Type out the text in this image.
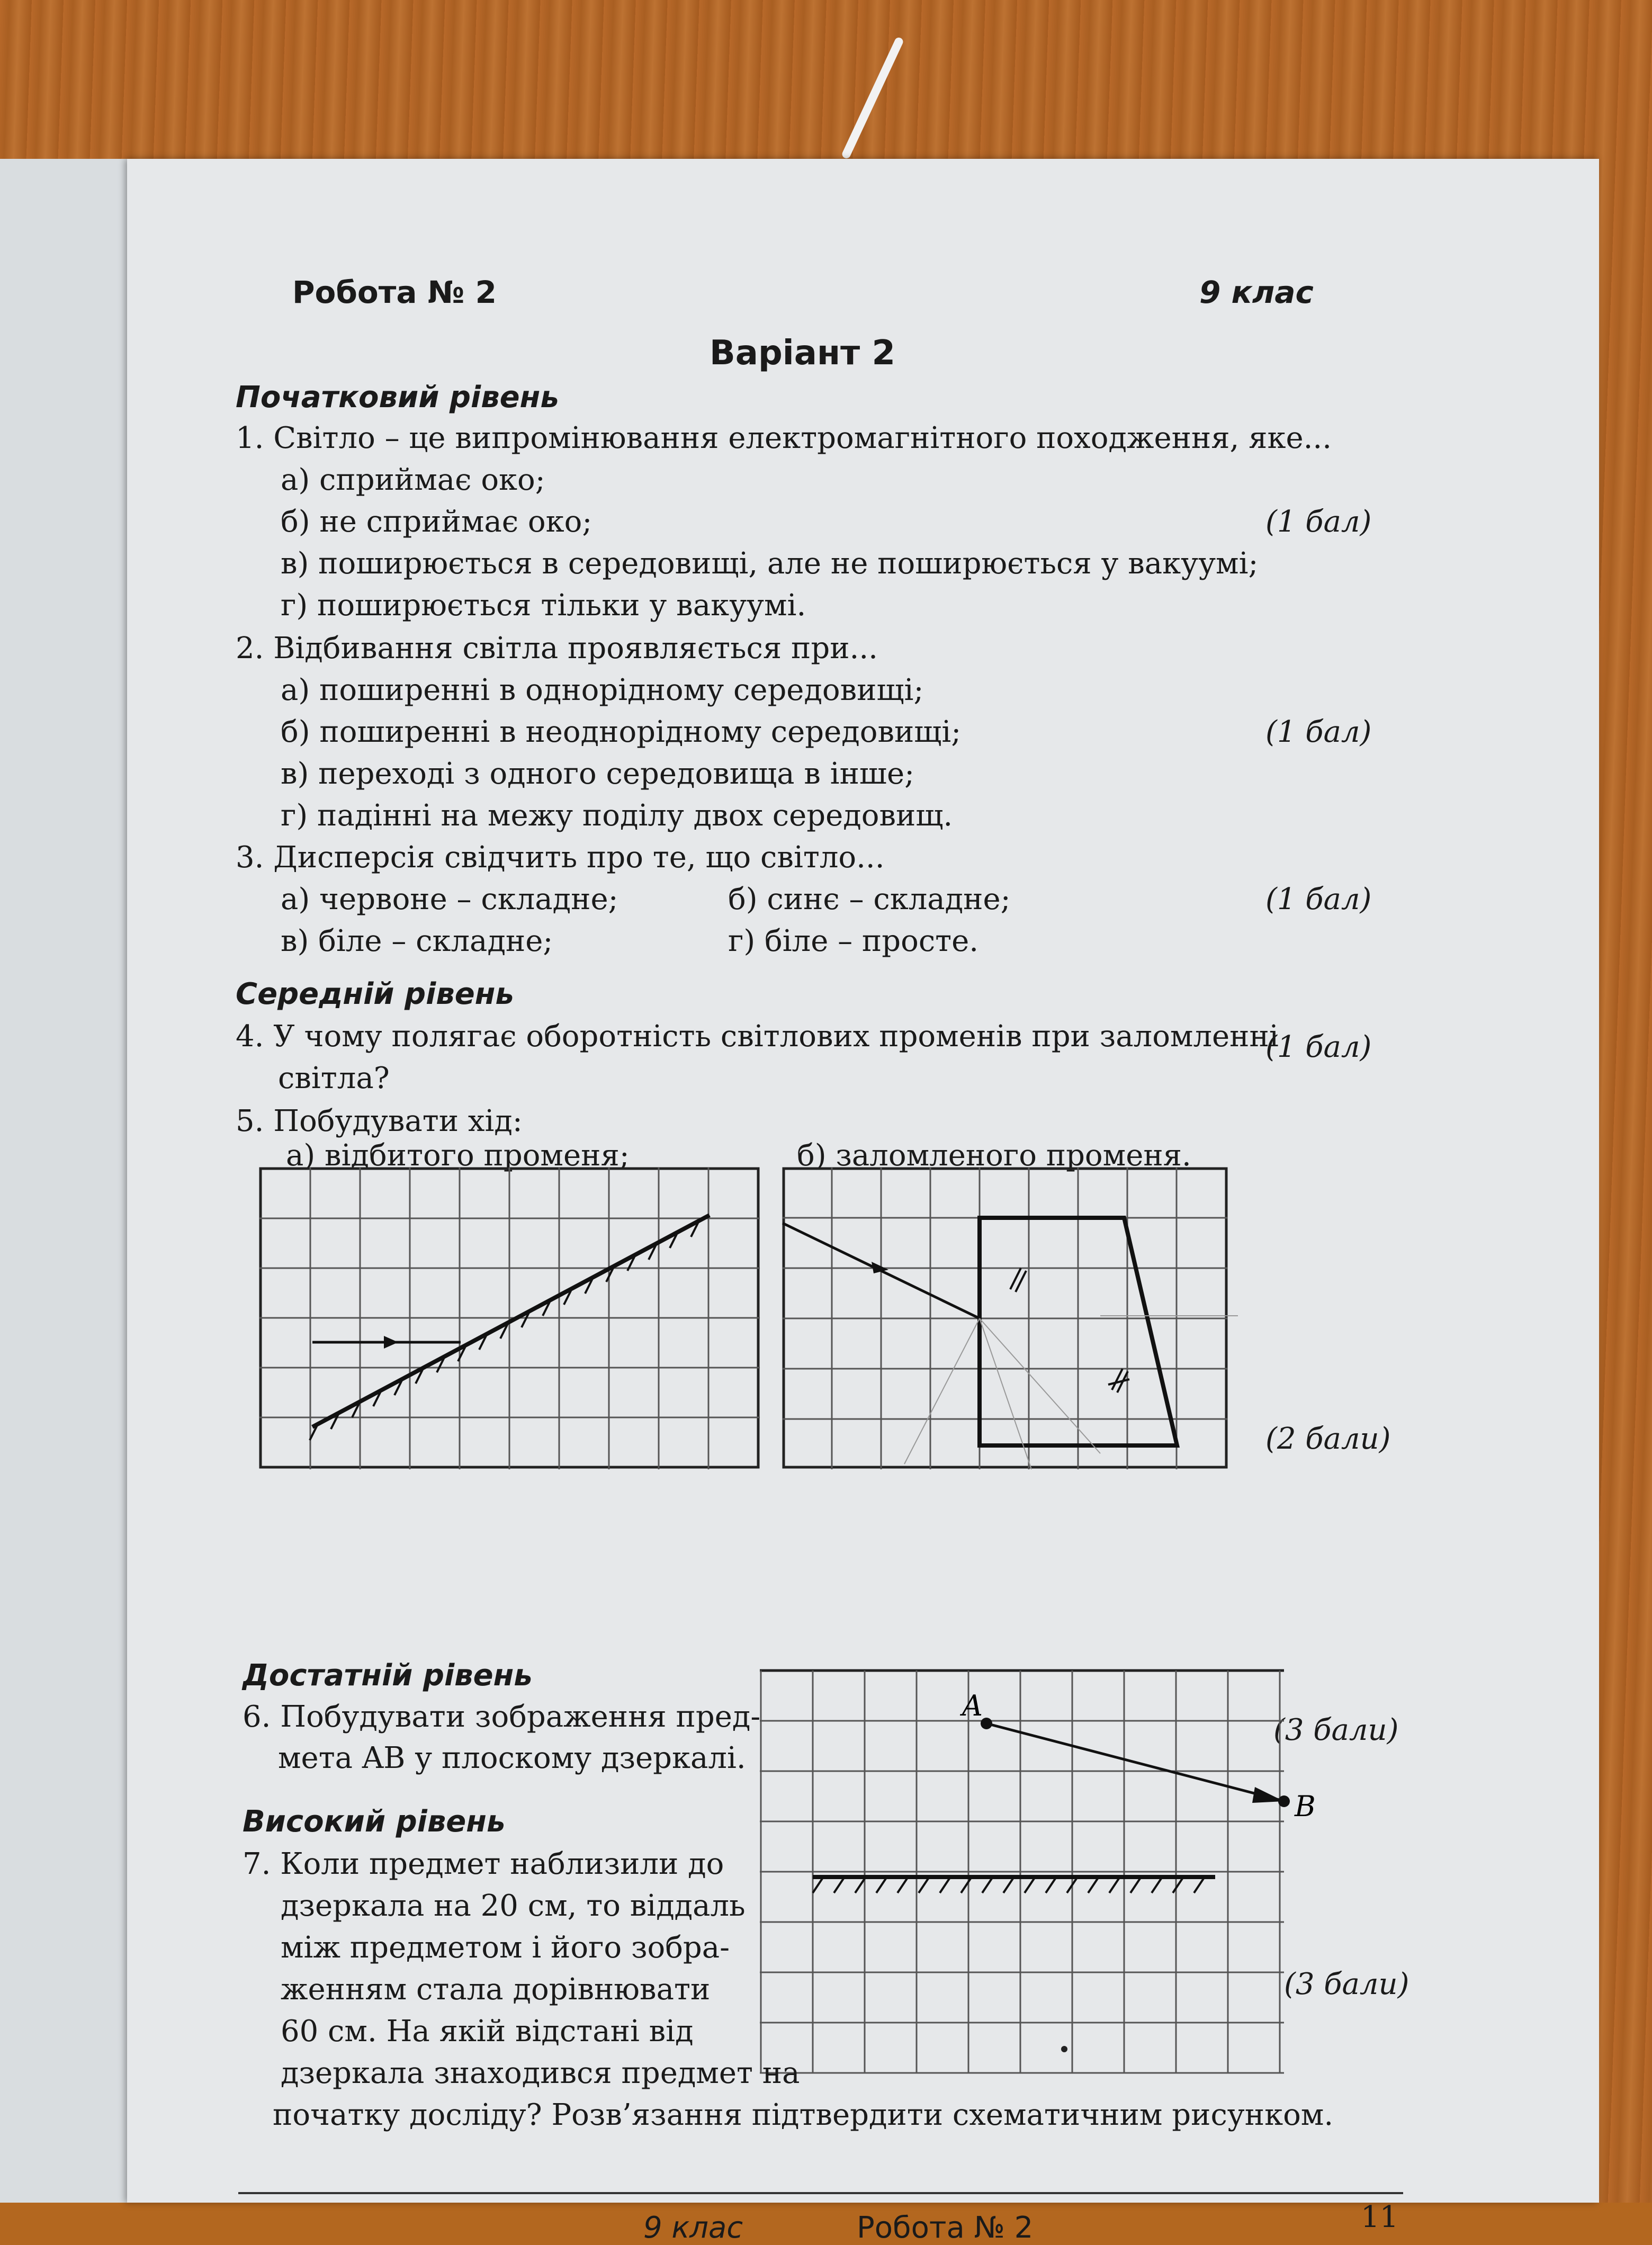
Робота № 2	9 клас
Варіант 2
Початковий рівень
1. Світло – це випромінювання електромагнітного походження, яке...
а) сприймає око;
б) не сприймає око;	(1 бал)
в) поширюється в середовищі, але не поширюється у вакуумі;
г) поширюється тільки у вакуумі.
2. Відбивання світла проявляється при...
а) поширенні в однорідному середовищі;
б) поширенні в неоднорідному середовищі;	(1 бал)
в) переході з одного середовища в інше;
г) падінні на межу поділу двох середовищ.
3. Дисперсія свідчить про те, що світло...
а) червоне – складне;	б) синє – складне;	(1 бал)
в) біле – складне;	г) біле – просте.
Середній рівень
4. У чому полягає оборотність світлових променів при заломленні
(1 бал)
світла?
5. Побудувати хід:
а) відбитого променя;	б) заломленого променя.
(2 бали)
Достатній рівень
6. Побудувати зображення пред-
мета AB у плоскому дзеркалі.
(3 бали)
A
B
Високий рівень
7. Коли предмет наблизили до
дзеркала на 20 см, то віддаль
між предметом і його зобра-
женням стала дорівнювати
60 см. На якій відстані від
дзеркала знаходився предмет на
початку досліду? Розв’язання підтвердити схематичним рисунком.
(3 бали)
9 клас	Робота № 2	11
